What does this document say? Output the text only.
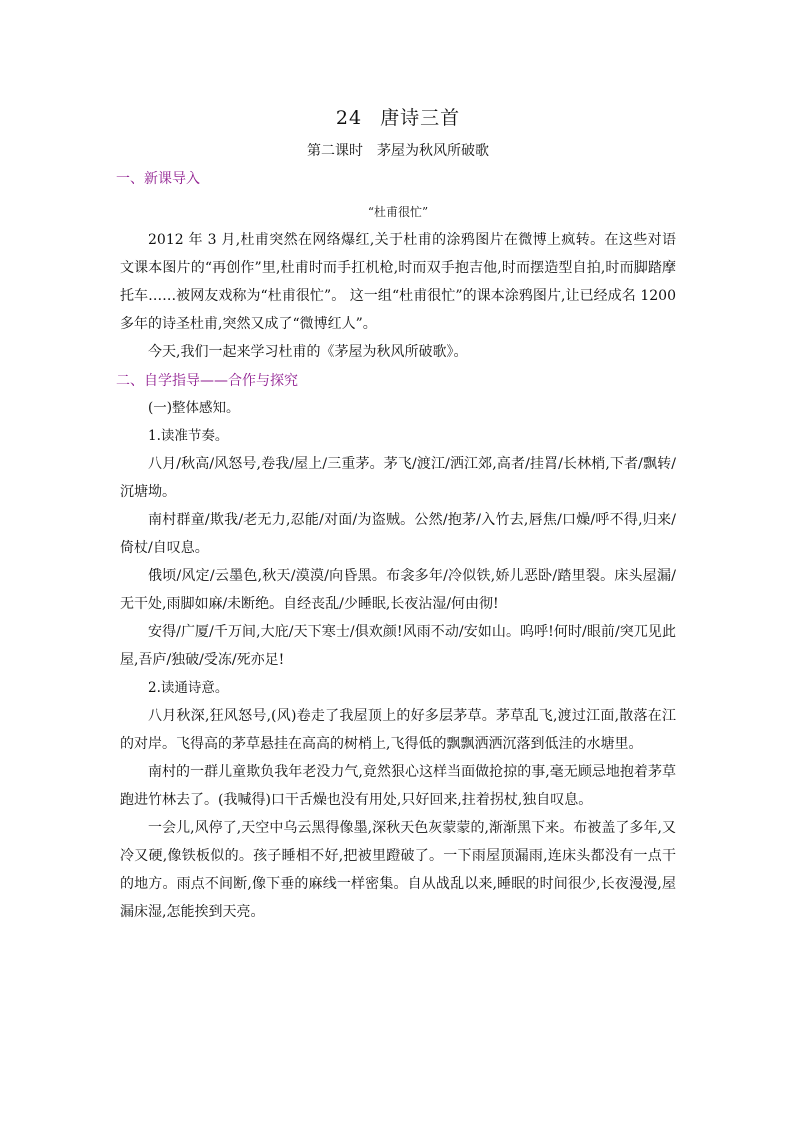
24 唐诗三首
第二课时 茅屋为秋风所破歌
一、新课导入
“杜甫很忙”

2012 年 3 月,杜甫突然在网络爆红,关于杜甫的涂鸦图片在微博上疯转。在这些对语文课本图片的“再创作”里,杜甫时而手扛机枪,时而双手抱吉他,时而摆造型自拍,时而脚踏摩托车……被网友戏称为“杜甫很忙”。 这一组“杜甫很忙”的课本涂鸦图片,让已经成名 1200 多年的诗圣杜甫,突然又成了“微博红人”。

今天,我们一起来学习杜甫的《茅屋为秋风所破歌》。

二、自学指导——合作与探究

(一)整体感知。

1.读准节奏。

八月/秋高/风怒号,卷我/屋上/三重茅。茅飞/渡江/洒江郊,高者/挂罥/长林梢,下者/飘转/沉塘坳。

南村群童/欺我/老无力,忍能/对面/为盗贼。公然/抱茅/入竹去,唇焦/口燥/呼不得,归来/倚杖/自叹息。

俄顷/风定/云墨色,秋天/漠漠/向昏黑。布衾多年/冷似铁,娇儿恶卧/踏里裂。床头屋漏/无干处,雨脚如麻/未断绝。自经丧乱/少睡眠,长夜沾湿/何由彻!

安得/广厦/千万间,大庇/天下寒士/俱欢颜!风雨不动/安如山。呜呼!何时/眼前/突兀见此屋,吾庐/独破/受冻/死亦足!

2.读通诗意。

八月秋深,狂风怒号,(风)卷走了我屋顶上的好多层茅草。茅草乱飞,渡过江面,散落在江的对岸。飞得高的茅草悬挂在高高的树梢上,飞得低的飘飘洒洒沉落到低洼的水塘里。

南村的一群儿童欺负我年老没力气,竟然狠心这样当面做抢掠的事,毫无顾忌地抱着茅草跑进竹林去了。(我喊得)口干舌燥也没有用处,只好回来,拄着拐杖,独自叹息。

一会儿,风停了,天空中乌云黑得像墨,深秋天色灰蒙蒙的,渐渐黑下来。布被盖了多年,又冷又硬,像铁板似的。孩子睡相不好,把被里蹬破了。一下雨屋顶漏雨,连床头都没有一点干的地方。雨点不间断,像下垂的麻线一样密集。自从战乱以来,睡眠的时间很少,长夜漫漫,屋漏床湿,怎能挨到天亮。
